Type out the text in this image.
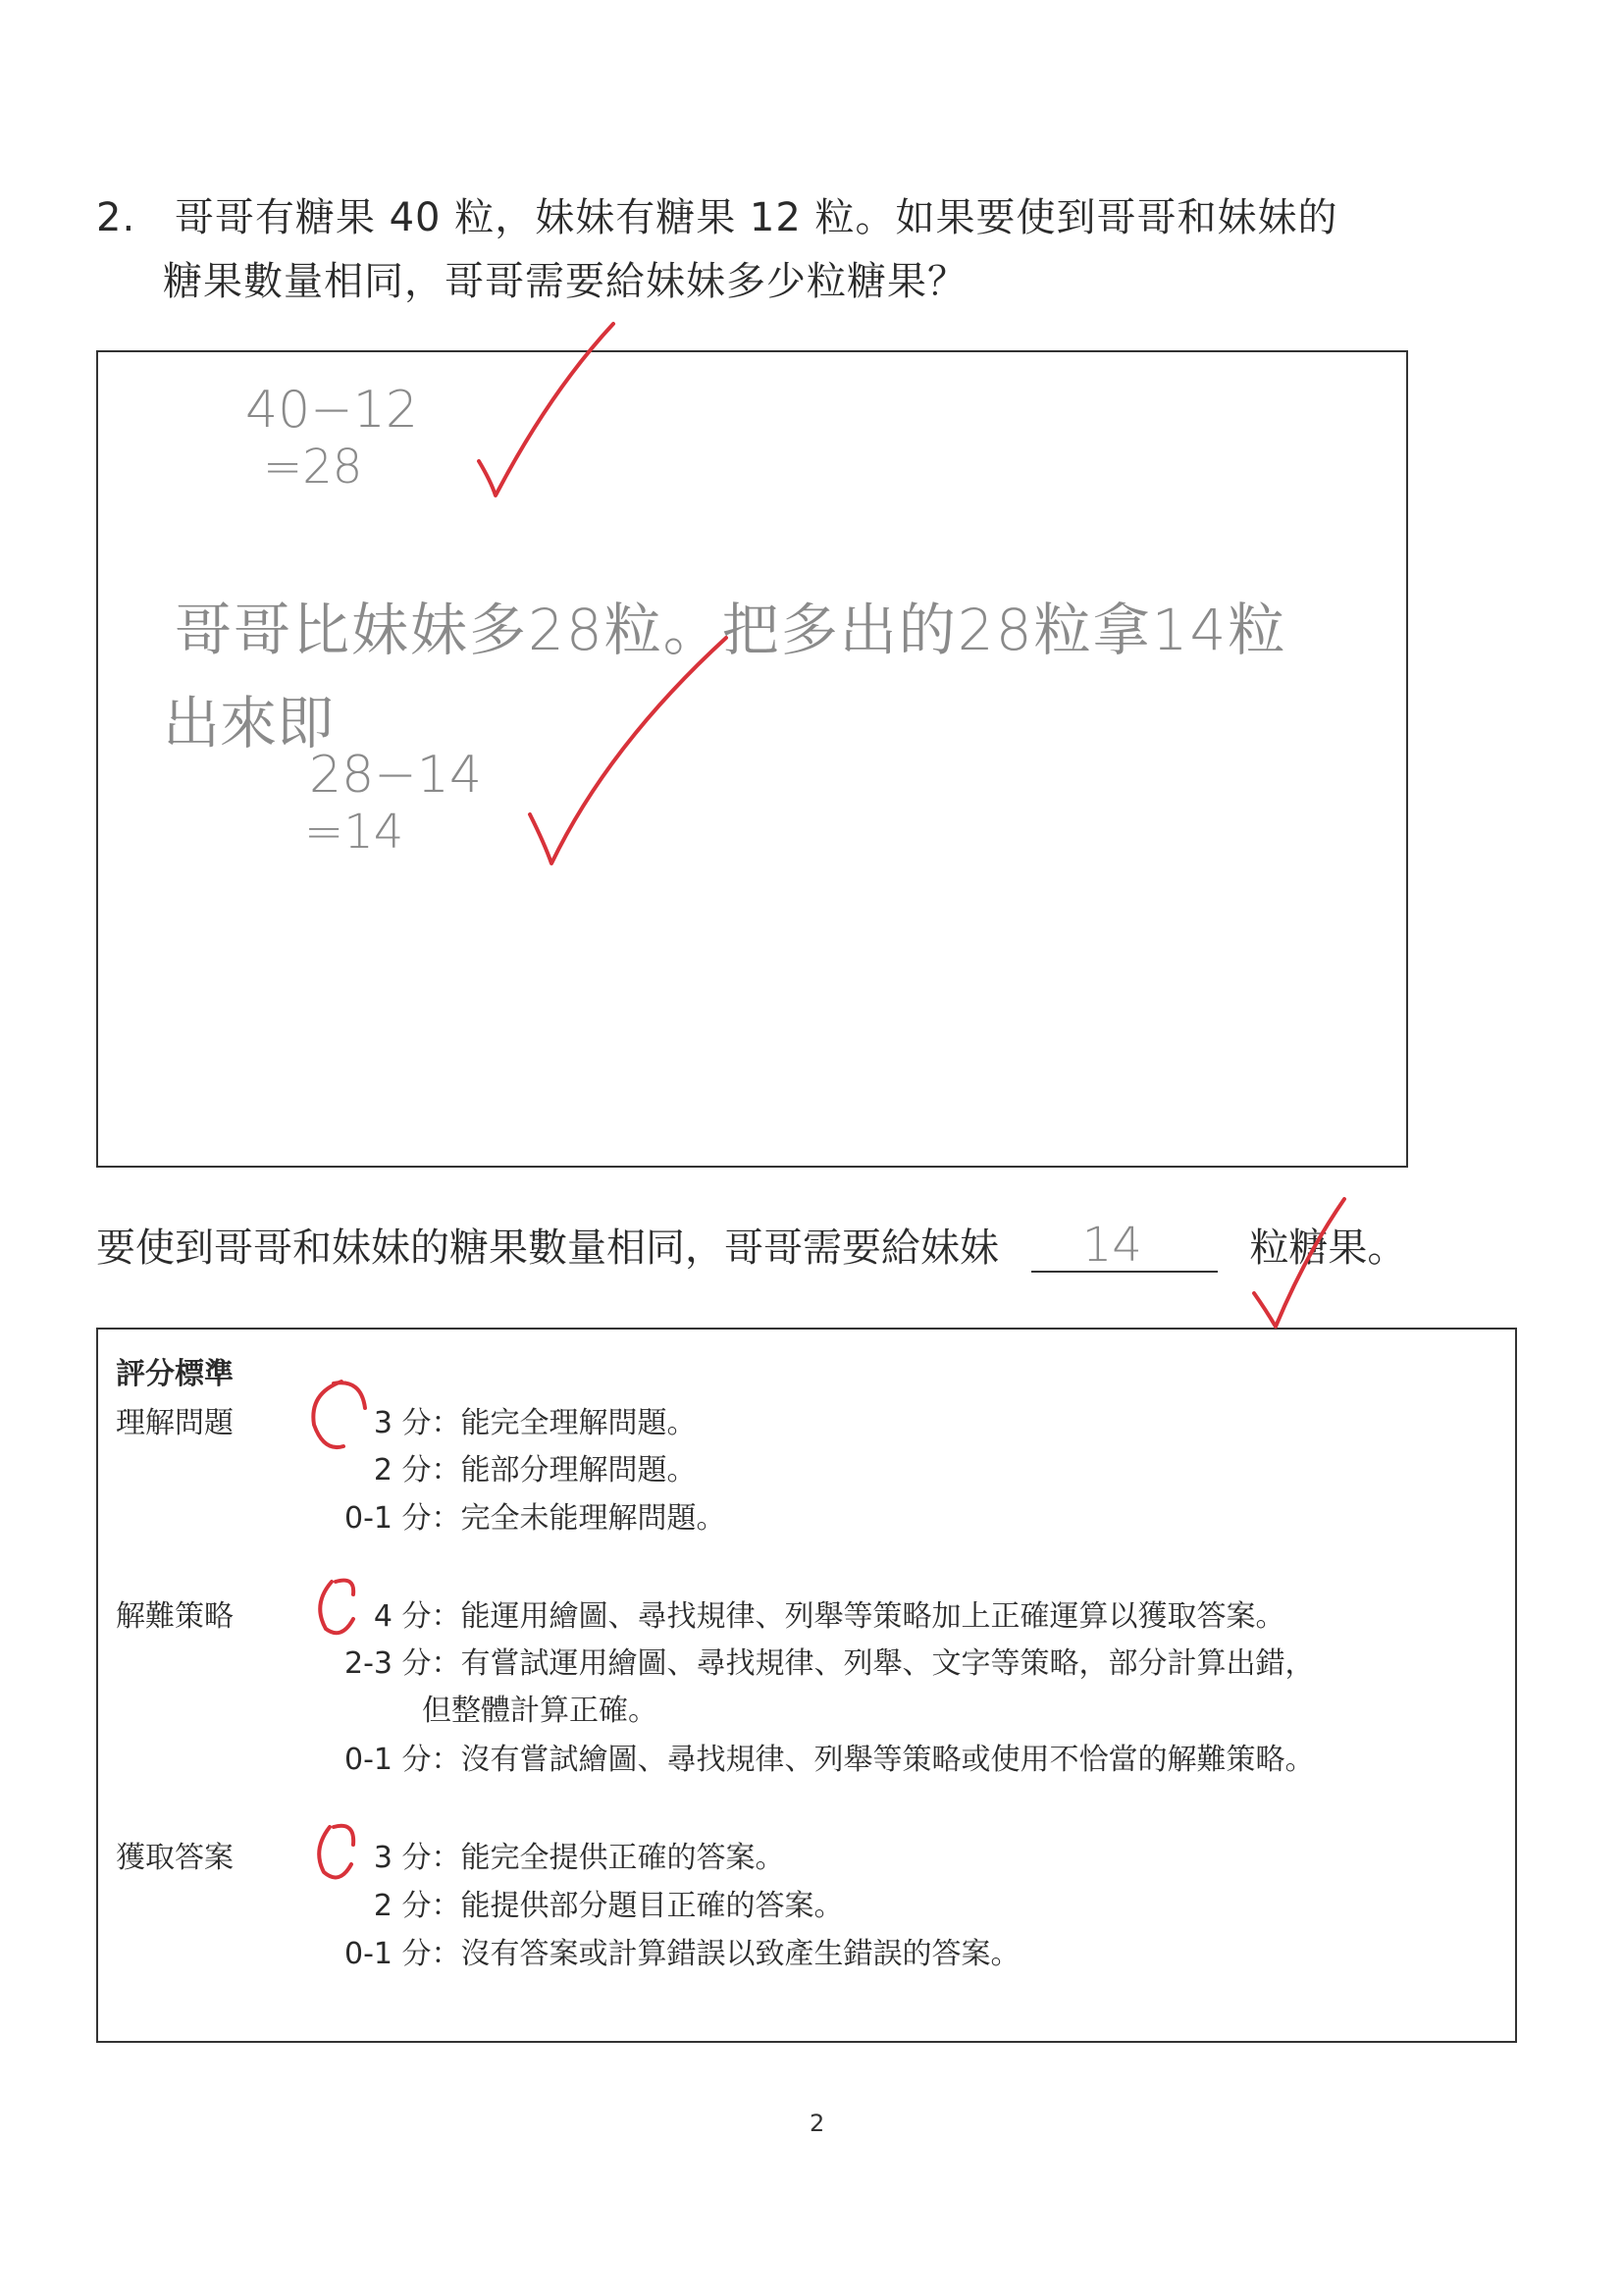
2. 哥哥有糖果 40 粒，妹妹有糖果 12 粒。如果要使到哥哥和妹妹的
糖果數量相同，哥哥需要給妹妹多少粒糖果？
40−12
=28
哥哥比妹妹多28粒。把多出的28粒拿14粒
出來即
28−14
=14
要使到哥哥和妹妹的糖果數量相同，哥哥需要給妹妹 14	粒糖果。
評分標準
理解問題	3 分：能完全理解問題。
2 分：能部分理解問題。
0-1 分：完全未能理解問題。
解難策略	4 分：能運用繪圖、尋找規律、列舉等策略加上正確運算以獲取答案。
2-3 分：有嘗試運用繪圖、尋找規律、列舉、文字等策略，部分計算出錯，
但整體計算正確。
0-1 分：沒有嘗試繪圖、尋找規律、列舉等策略或使用不恰當的解難策略。
獲取答案	3 分：能完全提供正確的答案。
2 分：能提供部分題目正確的答案。
0-1 分：沒有答案或計算錯誤以致產生錯誤的答案。
2
